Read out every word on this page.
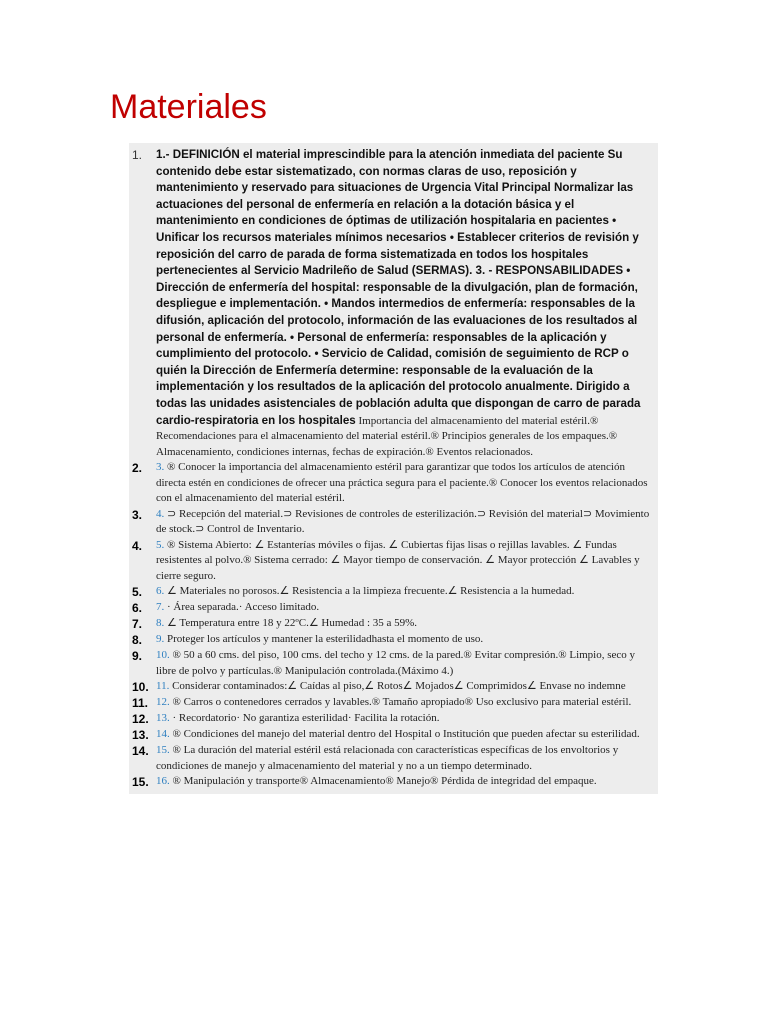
Materiales
1.	1.- DEFINICIÓN el material imprescindible para la atención inmediata del paciente Su contenido debe estar sistematizado, con normas claras de uso, reposición y mantenimiento y reservado para situaciones de Urgencia Vital Principal Normalizar las actuaciones del personal de enfermería en relación a la dotación básica y el mantenimiento en condiciones de óptimas de utilización hospitalaria en pacientes • Unificar los recursos materiales mínimos necesarios • Establecer criterios de revisión y reposición del carro de parada de forma sistematizada en todos los hospitales pertenecientes al Servicio Madrileño de Salud (SERMAS). 3. - RESPONSABILIDADES • Dirección de enfermería del hospital: responsable de la divulgación, plan de formación, despliegue e implementación. • Mandos intermedios de enfermería: responsables de la difusión, aplicación del protocolo, información de las evaluaciones de los resultados al personal de enfermería. • Personal de enfermería: responsables de la aplicación y cumplimiento del protocolo. • Servicio de Calidad, comisión de seguimiento de RCP o quién la Dirección de Enfermería determine: responsable de la evaluación de la implementación y los resultados de la aplicación del protocolo anualmente. Dirigido a todas las unidades asistenciales de población adulta que dispongan de carro de parada cardio-respiratoria en los hospitales Importancia del almacenamiento del material estéril.® Recomendaciones para el almacenamiento del material estéril.® Principios generales de los empaques.® Almacenamiento, condiciones internas, fechas de expiración.® Eventos relacionados.
2.	3. ® Conocer la importancia del almacenamiento estéril para garantizar que todos los artículos de atención directa estén en condiciones de ofrecer una práctica segura para el paciente.® Conocer los eventos relacionados con el almacenamiento del material estéril.
3.	4. ⊃ Recepción del material.⊃ Revisiones de controles de esterilización.⊃ Revisión del material⊃ Movimiento de stock.⊃ Control de Inventario.
4.	5. ® Sistema Abierto: ∠ Estanterías móviles o fijas. ∠ Cubiertas fijas lisas o rejillas lavables. ∠ Fundas resistentes al polvo.® Sistema cerrado: ∠ Mayor tiempo de conservación. ∠ Mayor protección ∠ Lavables y cierre seguro.
5.	6. ∠ Materiales no porosos.∠ Resistencia a la limpieza frecuente.∠ Resistencia a la humedad.
6.	7. · Área separada.· Acceso limitado.
7.	8. ∠ Temperatura entre 18 y 22ºC.∠ Humedad : 35 a 59%.
8.	9. Proteger los artículos y mantener la esterilidadhasta el momento de uso.
9.	10. ® 50 a 60 cms. del piso, 100 cms. del techo y 12 cms. de la pared.® Evitar compresión.® Limpio, seco y libre de polvo y partículas.® Manipulación controlada.(Máximo 4.)
10. 11. Considerar contaminados:∠ Caídas al piso,∠ Rotos∠ Mojados∠ Comprimidos∠ Envase no indemne
11. 12. ® Carros o contenedores cerrados y lavables.® Tamaño apropiado® Uso exclusivo para material estéril.
12. 13. · Recordatorio· No garantiza esterilidad· Facilita la rotación.
13. 14. ® Condiciones del manejo del material dentro del Hospital o Institución que pueden afectar su esterilidad.
14. 15. ® La duración del material estéril está relacionada con características específicas de los envoltorios y condiciones de manejo y almacenamiento del material y no a un tiempo determinado.
15. 16. ® Manipulación y transporte® Almacenamiento® Manejo® Pérdida de integridad del empaque.
